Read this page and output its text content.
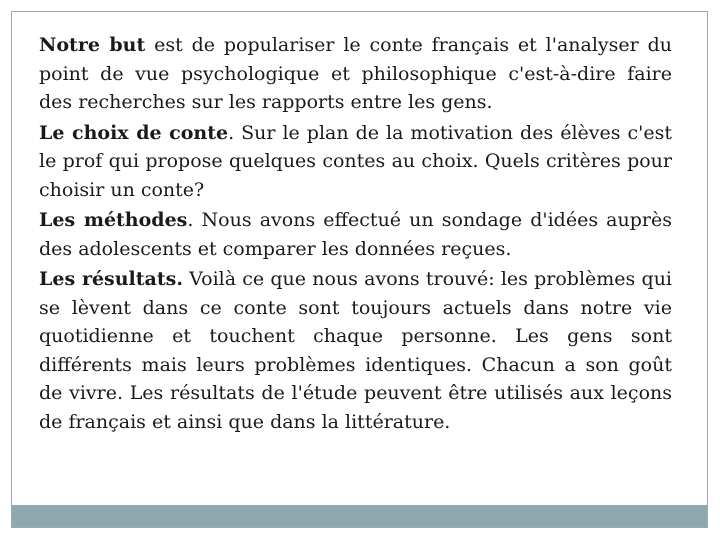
Notre but est de populariser le conte français et l'analyser du point de vue psychologique et philosophique c'est-à-dire faire des recherches sur les rapports entre les gens.

Le choix de conte. Sur le plan de la motivation des élèves c'est le prof qui propose quelques contes au choix. Quels critères pour choisir un conte?

Les méthodes. Nous avons effectué un sondage d'idées auprès des adolescents et comparer les données reçues.

Les résultats. Voilà ce que nous avons trouvé: les problèmes qui se lèvent dans ce conte sont toujours actuels dans notre vie quotidienne et touchent chaque personne. Les gens sont différents mais leurs problèmes identiques. Chacun a son goût de vivre. Les résultats de l'étude peuvent être utilisés aux leçons de français et ainsi que dans la littérature.
